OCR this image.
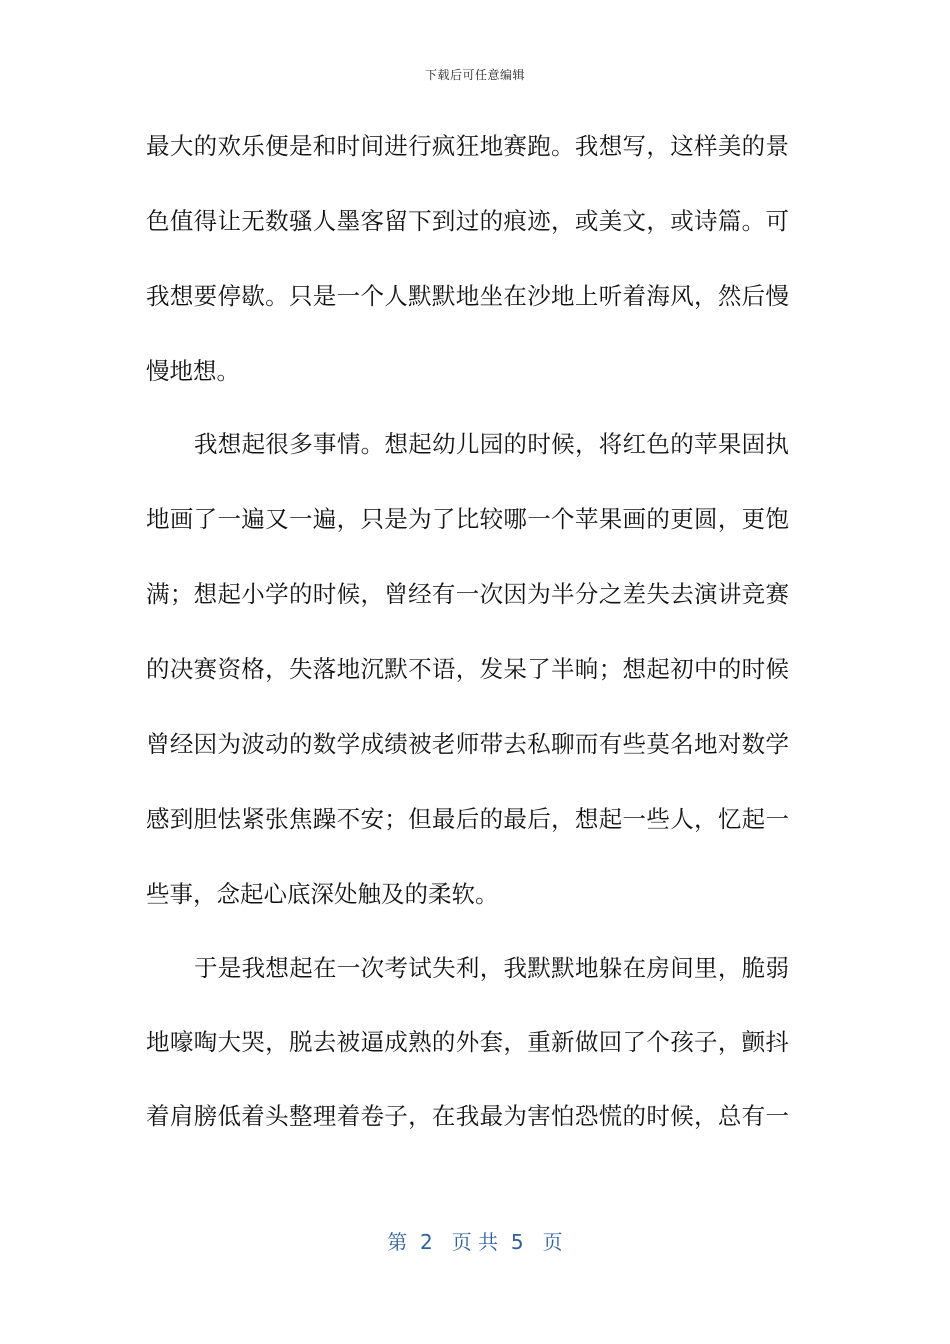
下载后可任意编辑
最大的欢乐便是和时间进行疯狂地赛跑。我想写，这样美的景
色值得让无数骚人墨客留下到过的痕迹，或美文，或诗篇。可
我想要停歇。只是一个人默默地坐在沙地上听着海风，然后慢
慢地想。
我想起很多事情。想起幼儿园的时候，将红色的苹果固执
地画了一遍又一遍，只是为了比较哪一个苹果画的更圆，更饱
满；想起小学的时候，曾经有一次因为半分之差失去演讲竞赛
的决赛资格，失落地沉默不语，发呆了半晌；想起初中的时候
曾经因为波动的数学成绩被老师带去私聊而有些莫名地对数学
感到胆怯紧张焦躁不安；但最后的最后，想起一些人，忆起一
些事，念起心底深处触及的柔软。
于是我想起在一次考试失利，我默默地躲在房间里，脆弱
地嚎啕大哭，脱去被逼成熟的外套，重新做回了个孩子，颤抖
着肩膀低着头整理着卷子，在我最为害怕恐慌的时候，总有一
第  2   页 共  5   页
